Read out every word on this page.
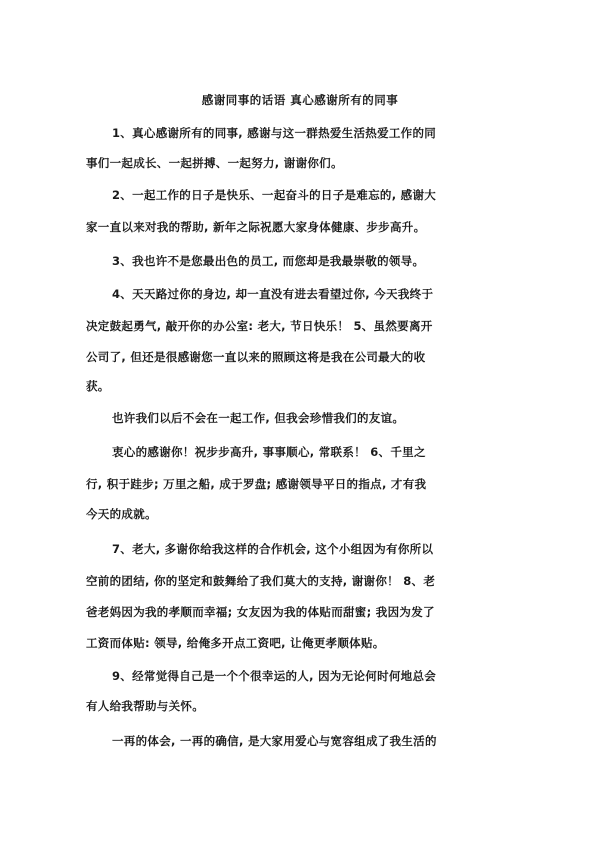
感谢同事的话语 真心感谢所有的同事
1、真心感谢所有的同事, 感谢与这一群热爱生活热爱工作的同
事们一起成长、一起拼搏、一起努力, 谢谢你们。
2、一起工作的日子是快乐、一起奋斗的日子是难忘的, 感谢大
家一直以来对我的帮助, 新年之际祝愿大家身体健康、步步高升。
3、我也许不是您最出色的员工, 而您却是我最崇敬的领导。
4、天天路过你的身边, 却一直没有进去看望过你, 今天我终于
决定鼓起勇气, 敲开你的办公室: 老大, 节日快乐！ 5、虽然要离开
公司了, 但还是很感谢您一直以来的照顾这将是我在公司最大的收
获。
也许我们以后不会在一起工作, 但我会珍惜我们的友谊。
衷心的感谢你！祝步步高升, 事事顺心, 常联系！ 6、千里之
行, 积于跬步; 万里之船, 成于罗盘; 感谢领导平日的指点, 才有我
今天的成就。
7、老大, 多谢你给我这样的合作机会, 这个小组因为有你所以
空前的团结, 你的坚定和鼓舞给了我们莫大的支持, 谢谢你！ 8、老
爸老妈因为我的孝顺而幸福; 女友因为我的体贴而甜蜜; 我因为发了
工资而体贴: 领导, 给俺多开点工资吧, 让俺更孝顺体贴。
9、经常觉得自己是一个个很幸运的人, 因为无论何时何地总会
有人给我帮助与关怀。
一再的体会, 一再的确信, 是大家用爱心与宽容组成了我生活的
